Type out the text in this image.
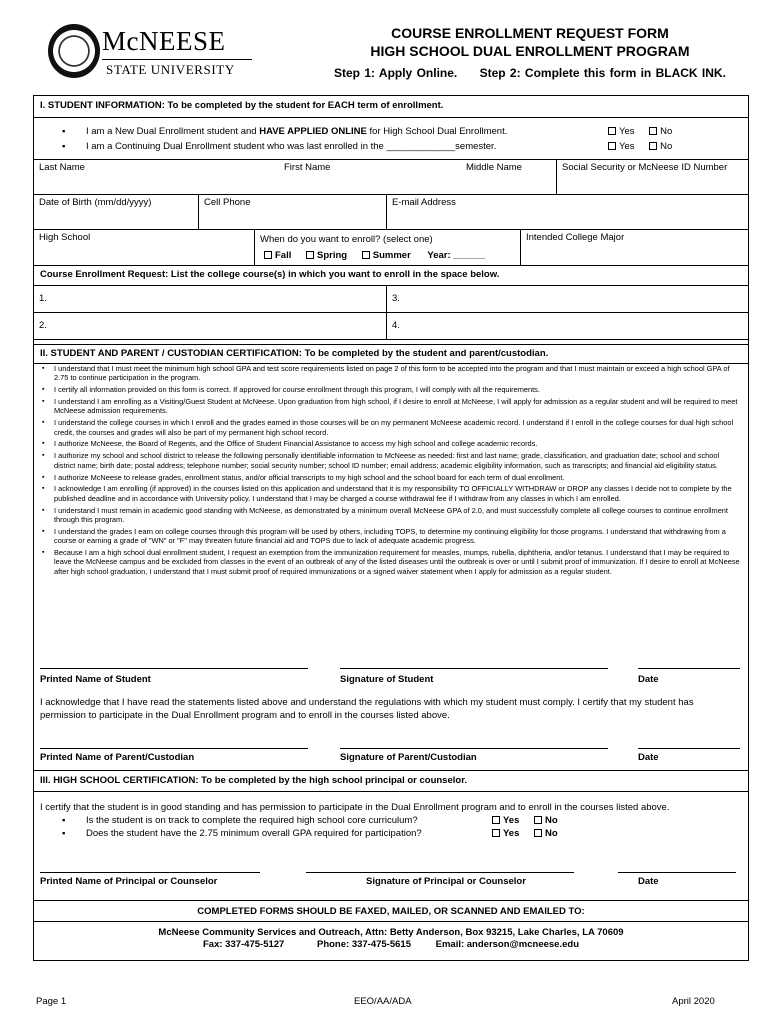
McNEESE
STATE UNIVERSITY
COURSE ENROLLMENT REQUEST FORM
HIGH SCHOOL DUAL ENROLLMENT PROGRAM
Step 1: Apply Online. Step 2: Complete this form in BLACK INK.
I. STUDENT INFORMATION: To be completed by the student for EACH term of enrollment.
▪ I am a New Dual Enrollment student and HAVE APPLIED ONLINE for High School Dual Enrollment.	Yes	No
▪ I am a Continuing Dual Enrollment student who was last enrolled in the _____________semester.	Yes	No
Last Name	First Name	Middle Name	Social Security or McNeese ID Number
Date of Birth (mm/dd/yyyy)	Cell Phone	E-mail Address
High School	When do you want to enroll? (select one)
Fall	Spring	Summer Year: ______
Intended College Major
Course Enrollment Request: List the college course(s) in which you want to enroll in the space below.
1.	3.
2.	4.
II. STUDENT AND PARENT / CUSTODIAN CERTIFICATION: To be completed by the student and parent/custodian.
▪ I understand that I must meet the minimum high school GPA and test score requirements listed on page 2 of this form to be accepted into the program and that I must maintain or exceed a high school GPA of 2.75 to continue participation in the program.
▪ I certify all information provided on this form is correct. If approved for course enrollment through this program, I will comply with all the requirements.
▪ I understand I am enrolling as a Visiting/Guest Student at McNeese. Upon graduation from high school, if I desire to enroll at McNeese, I will apply for admission as a regular student and will be required to meet McNeese admission requirements.
▪ I understand the college courses in which I enroll and the grades earned in those courses will be on my permanent McNeese academic record. I understand if I enroll in the college courses for dual high school credit, the courses and grades will also be part of my permanent high school record.
▪ I authorize McNeese, the Board of Regents, and the Office of Student Financial Assistance to access my high school and college academic records.
▪ I authorize my school and school district to release the following personally identifiable information to McNeese as needed: first and last name; grade, classification, and graduation date; school and school district name; birth date; postal address; telephone number; social security number; school ID number; email address; academic eligibility information, such as transcripts; and financial aid eligibility status.
▪ I authorize McNeese to release grades, enrollment status, and/or official transcripts to my high school and the school board for each term of dual enrollment.
▪ I acknowledge I am enrolling (if approved) in the courses listed on this application and understand that it is my responsibility TO OFFICIALLY WITHDRAW or DROP any classes I decide not to complete by the published deadline and in accordance with University policy. I understand that I may be charged a course withdrawal fee if I withdraw from any classes in which I am enrolled.
▪ I understand I must remain in academic good standing with McNeese, as demonstrated by a minimum overall McNeese GPA of 2.0, and must successfully complete all college courses to continue enrollment through this program.
▪ I understand the grades I earn on college courses through this program will be used by others, including TOPS, to determine my continuing eligibility for those programs. I understand that withdrawing from a course or earning a grade of "WN" or "F" may threaten future financial aid and TOPS due to lack of adequate academic progress.
▪ Because I am a high school dual enrollment student, I request an exemption from the immunization requirement for measles, mumps, rubella, diphtheria, and/or tetanus. I understand that I may be required to leave the McNeese campus and be excluded from classes in the event of an outbreak of any of the listed diseases until the outbreak is over or until I submit proof of immunization. If I desire to enroll at McNeese after high school graduation, I understand that I must submit proof of required immunizations or a signed waiver statement when I apply for admission as a regular student.
Printed Name of Student	Signature of Student	Date
I acknowledge that I have read the statements listed above and understand the regulations with which my student must comply. I certify that my student has permission to participate in the Dual Enrollment program and to enroll in the courses listed above.
Printed Name of Parent/Custodian	Signature of Parent/Custodian	Date
III. HIGH SCHOOL CERTIFICATION: To be completed by the high school principal or counselor.
I certify that the student is in good standing and has permission to participate in the Dual Enrollment program and to enroll in the courses listed above.
▪ Is the student is on track to complete the required high school core curriculum?	Yes	No
▪ Does the student have the 2.75 minimum overall GPA required for participation?	Yes	No
Printed Name of Principal or Counselor	Signature of Principal or Counselor	Date
COMPLETED FORMS SHOULD BE FAXED, MAILED, OR SCANNED AND EMAILED TO:
McNeese Community Services and Outreach, Attn: Betty Anderson, Box 93215, Lake Charles, LA 70609
Fax: 337-475-5127	Phone: 337-475-5615	Email: anderson@mcneese.edu
Page 1	EEO/AA/ADA	April 2020
